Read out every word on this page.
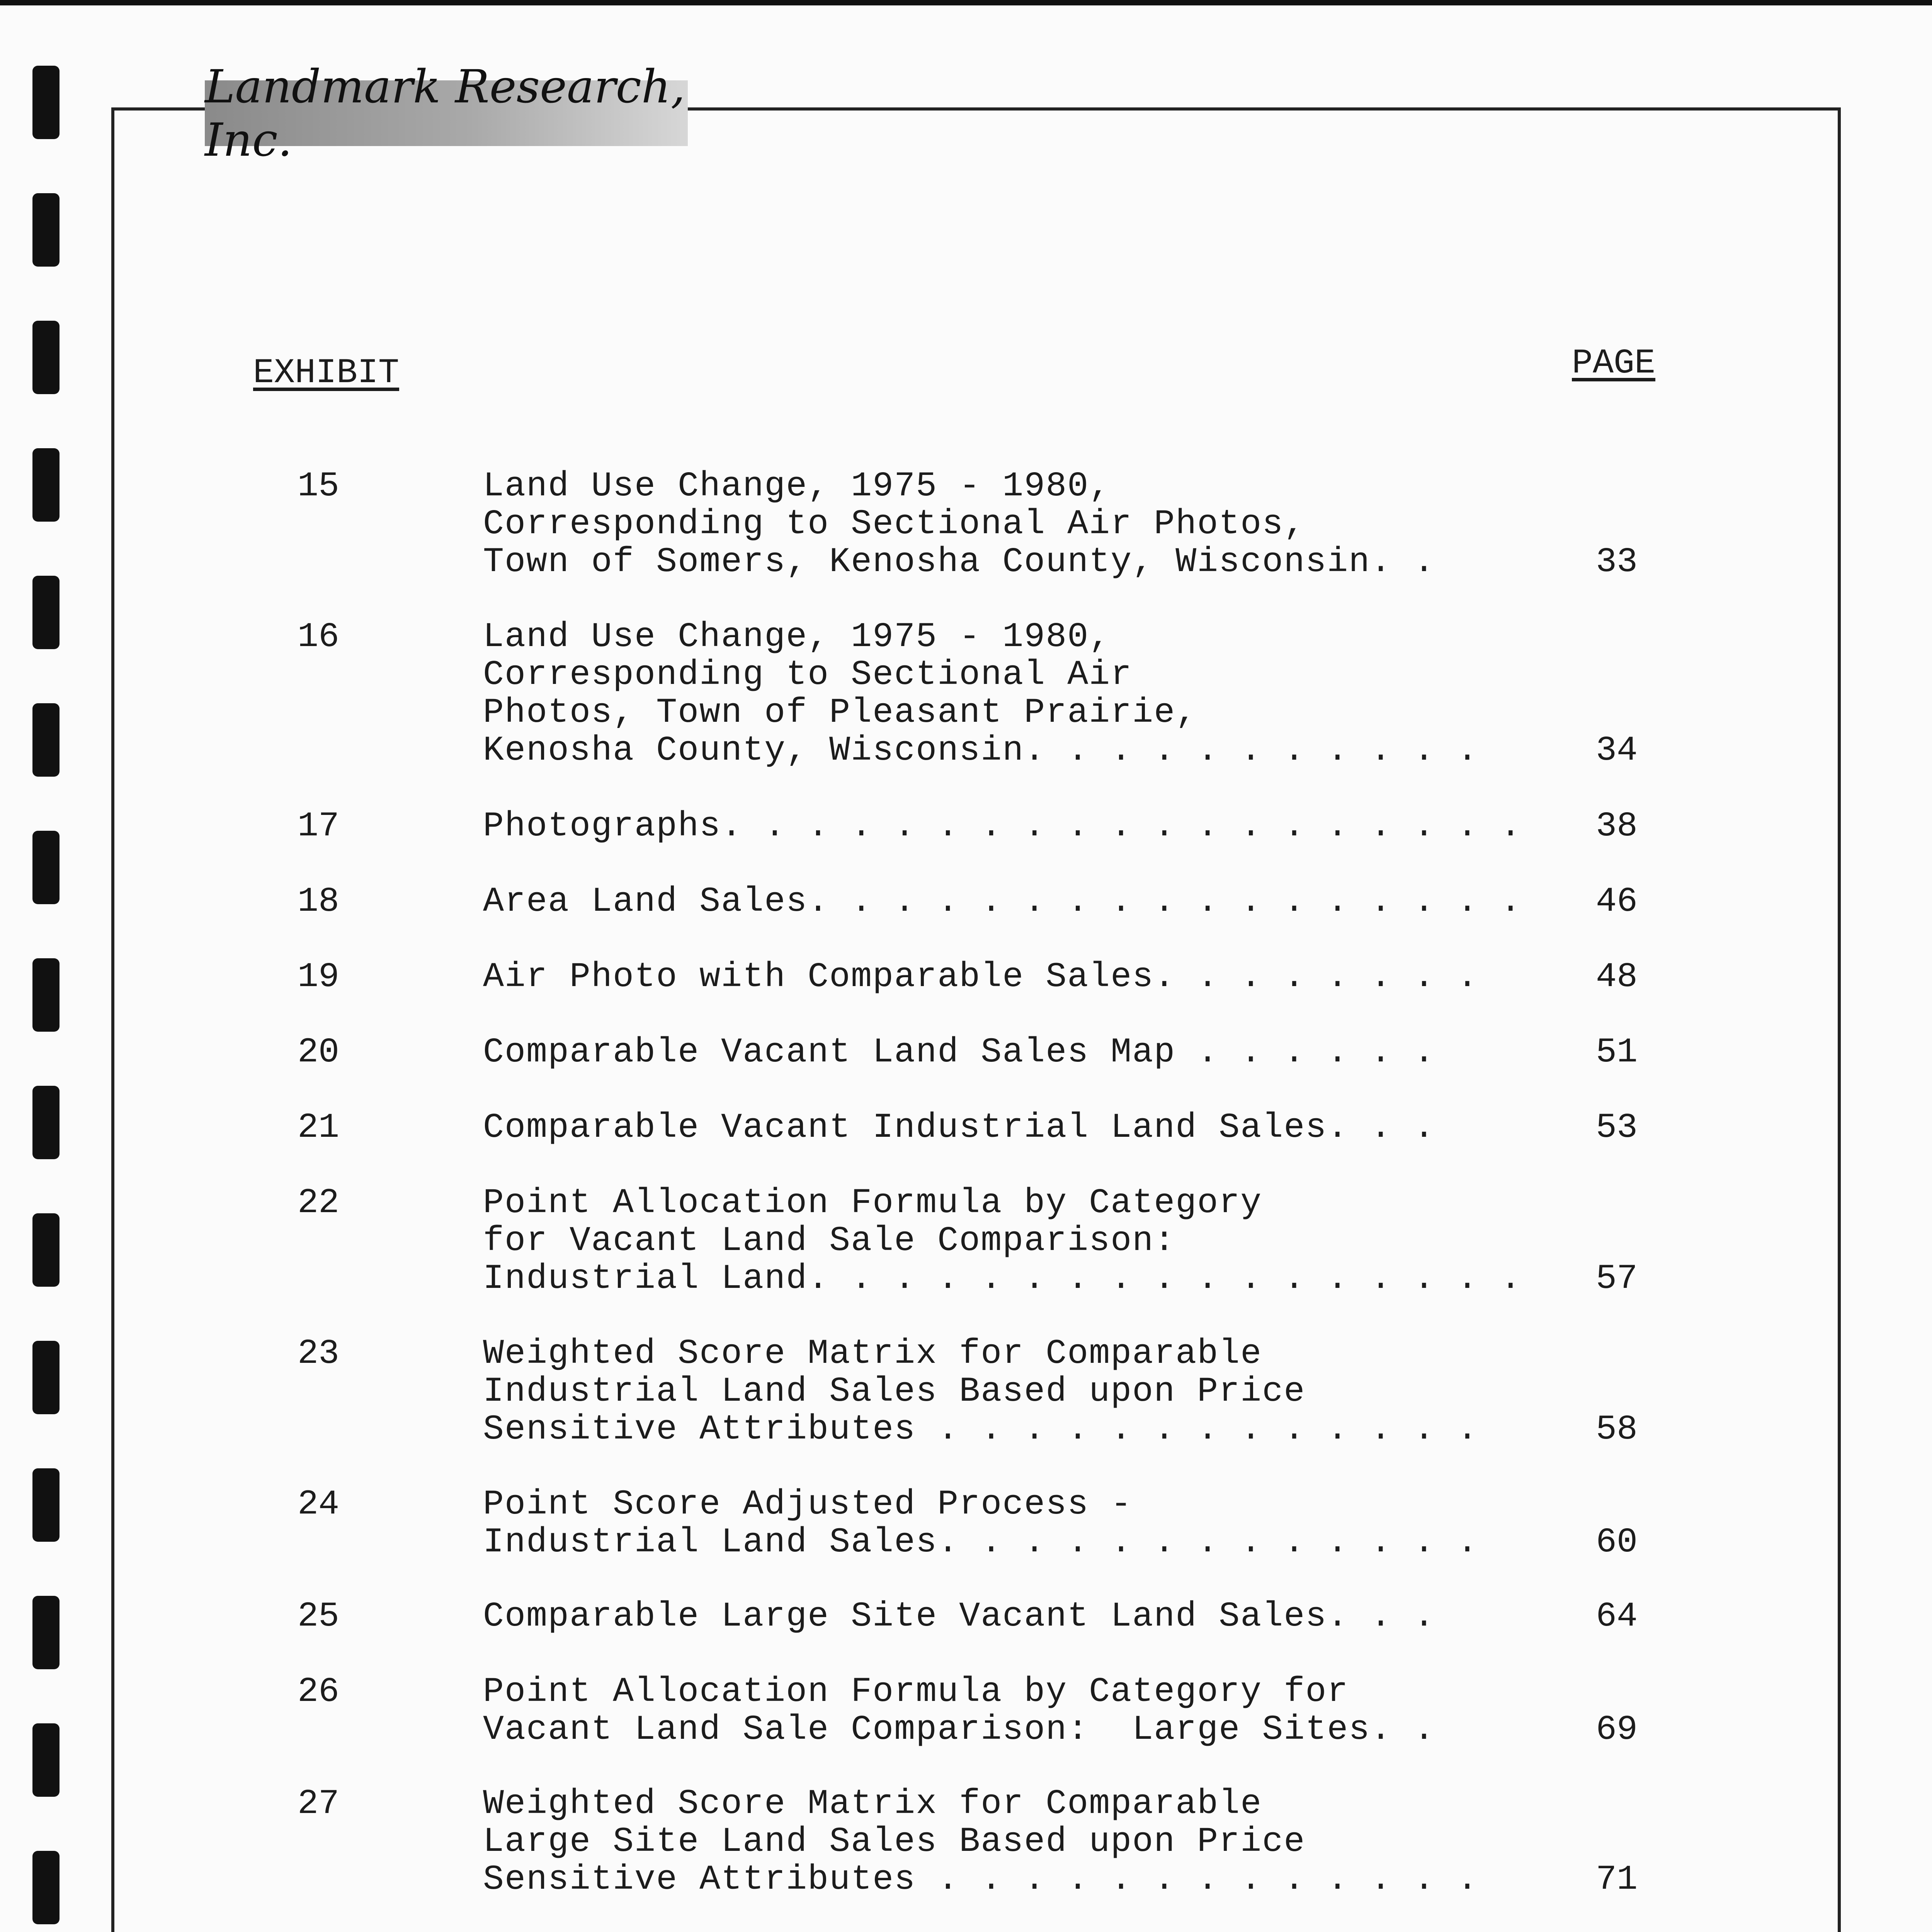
Landmark Research, Inc.
EXHIBIT	PAGE
15	Land Use Change, 1975 - 1980,
Corresponding to Sectional Air Photos,
Town of Somers, Kenosha County, Wisconsin. .	33
16	Land Use Change, 1975 - 1980,
Corresponding to Sectional Air
Photos, Town of Pleasant Prairie,
Kenosha County, Wisconsin. . . . . . . . . . .	34
17	Photographs. . . . . . . . . . . . . . . . . . . 38
18	Area Land Sales. . . . . . . . . . . . . . . . . 46
19	Air Photo with Comparable Sales. . . . . . . .	48
20	Comparable Vacant Land Sales Map . . . . . .	51
21	Comparable Vacant Industrial Land Sales. . .	53
22	Point Allocation Formula by Category
for Vacant Land Sale Comparison:
Industrial Land. . . . . . . . . . . . . . . . . 57
23	Weighted Score Matrix for Comparable
Industrial Land Sales Based upon Price
Sensitive Attributes . . . . . . . . . . . . .	58
24	Point Score Adjusted Process -
Industrial Land Sales. . . . . . . . . . . . .	60
25	Comparable Large Site Vacant Land Sales. . .	64
26	Point Allocation Formula by Category for
Vacant Land Sale Comparison:  Large Sites. .	69
27	Weighted Score Matrix for Comparable
Large Site Land Sales Based upon Price
Sensitive Attributes . . . . . . . . . . . . .	71
